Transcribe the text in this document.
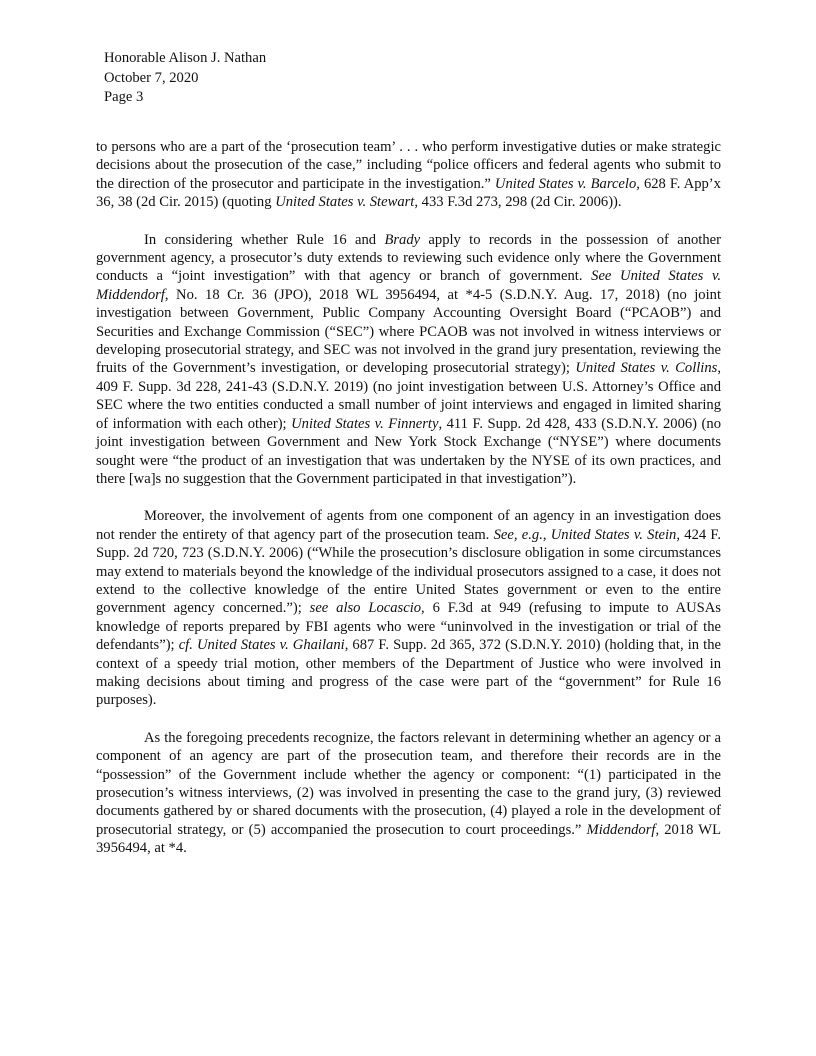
Honorable Alison J. Nathan
October 7, 2020
Page 3

to persons who are a part of the ‘prosecution team’ . . . who perform investigative duties or make strategic decisions about the prosecution of the case,” including “police officers and federal agents who submit to the direction of the prosecutor and participate in the investigation.” United States v. Barcelo, 628 F. App’x 36, 38 (2d Cir. 2015) (quoting United States v. Stewart, 433 F.3d 273, 298 (2d Cir. 2006)).

In considering whether Rule 16 and Brady apply to records in the possession of another government agency, a prosecutor’s duty extends to reviewing such evidence only where the Government conducts a “joint investigation” with that agency or branch of government. See United States v. Middendorf, No. 18 Cr. 36 (JPO), 2018 WL 3956494, at *4-5 (S.D.N.Y. Aug. 17, 2018) (no joint investigation between Government, Public Company Accounting Oversight Board (“PCAOB”) and Securities and Exchange Commission (“SEC”) where PCAOB was not involved in witness interviews or developing prosecutorial strategy, and SEC was not involved in the grand jury presentation, reviewing the fruits of the Government’s investigation, or developing prosecutorial strategy); United States v. Collins, 409 F. Supp. 3d 228, 241-43 (S.D.N.Y. 2019) (no joint investigation between U.S. Attorney’s Office and SEC where the two entities conducted a small number of joint interviews and engaged in limited sharing of information with each other); United States v. Finnerty, 411 F. Supp. 2d 428, 433 (S.D.N.Y. 2006) (no joint investigation between Government and New York Stock Exchange (“NYSE”) where documents sought were “the product of an investigation that was undertaken by the NYSE of its own practices, and there [wa]s no suggestion that the Government participated in that investigation”).

Moreover, the involvement of agents from one component of an agency in an investigation does not render the entirety of that agency part of the prosecution team. See, e.g., United States v. Stein, 424 F. Supp. 2d 720, 723 (S.D.N.Y. 2006) (“While the prosecution’s disclosure obligation in some circumstances may extend to materials beyond the knowledge of the individual prosecutors assigned to a case, it does not extend to the collective knowledge of the entire United States government or even to the entire government agency concerned.”); see also Locascio, 6 F.3d at 949 (refusing to impute to AUSAs knowledge of reports prepared by FBI agents who were “uninvolved in the investigation or trial of the defendants”); cf. United States v. Ghailani, 687 F. Supp. 2d 365, 372 (S.D.N.Y. 2010) (holding that, in the context of a speedy trial motion, other members of the Department of Justice who were involved in making decisions about timing and progress of the case were part of the “government” for Rule 16 purposes).

As the foregoing precedents recognize, the factors relevant in determining whether an agency or a component of an agency are part of the prosecution team, and therefore their records are in the “possession” of the Government include whether the agency or component: “(1) participated in the prosecution’s witness interviews, (2) was involved in presenting the case to the grand jury, (3) reviewed documents gathered by or shared documents with the prosecution, (4) played a role in the development of prosecutorial strategy, or (5) accompanied the prosecution to court proceedings.” Middendorf, 2018 WL 3956494, at *4.
